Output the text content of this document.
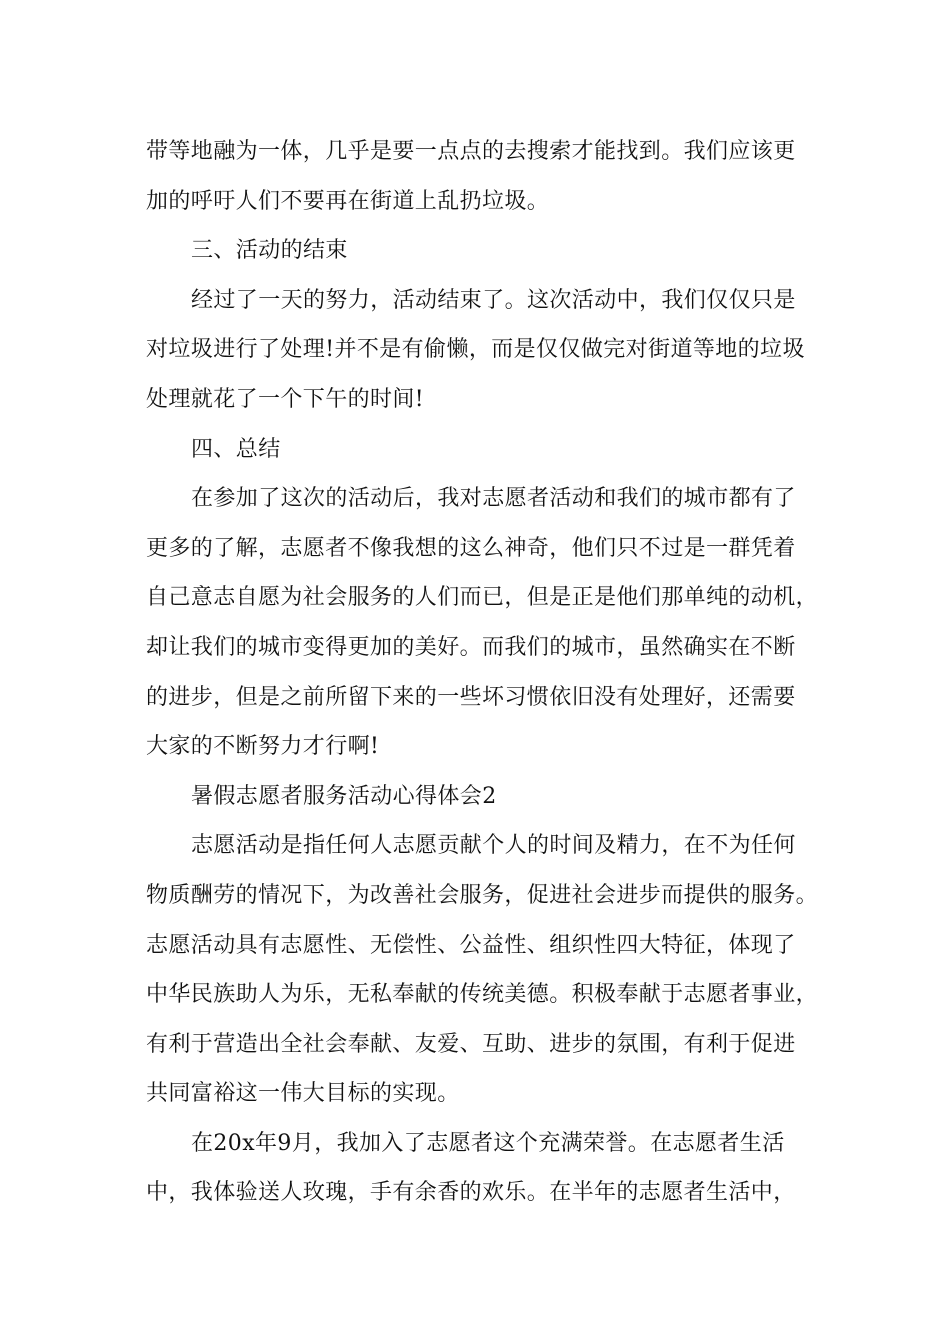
带等地融为一体，几乎是要一点点的去搜索才能找到。我们应该更
加的呼吁人们不要再在街道上乱扔垃圾。
三、活动的结束
经过了一天的努力，活动结束了。这次活动中，我们仅仅只是
对垃圾进行了处理!并不是有偷懒，而是仅仅做完对街道等地的垃圾
处理就花了一个下午的时间!
四、总结
在参加了这次的活动后，我对志愿者活动和我们的城市都有了
更多的了解，志愿者不像我想的这么神奇，他们只不过是一群凭着
自己意志自愿为社会服务的人们而已，但是正是他们那单纯的动机，
却让我们的城市变得更加的美好。而我们的城市，虽然确实在不断
的进步，但是之前所留下来的一些坏习惯依旧没有处理好，还需要
大家的不断努力才行啊!
暑假志愿者服务活动心得体会2
志愿活动是指任何人志愿贡献个人的时间及精力，在不为任何
物质酬劳的情况下，为改善社会服务，促进社会进步而提供的服务。
志愿活动具有志愿性、无偿性、公益性、组织性四大特征，体现了
中华民族助人为乐，无私奉献的传统美德。积极奉献于志愿者事业，
有利于营造出全社会奉献、友爱、互助、进步的氛围，有利于促进
共同富裕这一伟大目标的实现。
在20x年9月，我加入了志愿者这个充满荣誉。在志愿者生活
中，我体验送人玫瑰，手有余香的欢乐。在半年的志愿者生活中，
